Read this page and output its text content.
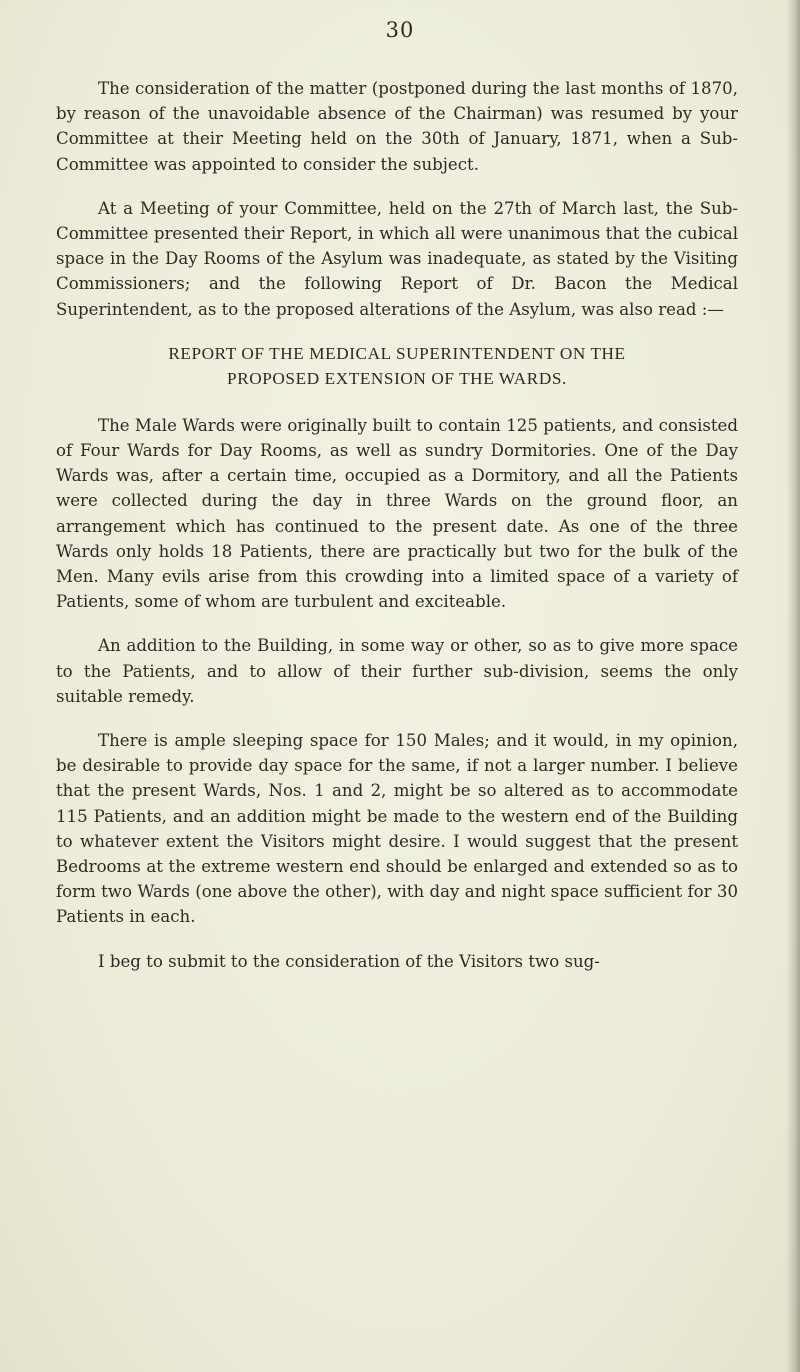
30

The consideration of the matter (postponed during the last months of 1870, by reason of the unavoidable absence of the Chairman) was resumed by your Committee at their Meeting held on the 30th of January, 1871, when a Sub-Committee was appointed to consider the subject.

At a Meeting of your Committee, held on the 27th of March last, the Sub-Committee presented their Report, in which all were unanimous that the cubical space in the Day Rooms of the Asylum was inadequate, as stated by the Visiting Commissioners; and the following Report of Dr. Bacon the Medical Superintendent, as to the proposed alterations of the Asylum, was also read :—

REPORT OF THE MEDICAL SUPERINTENDENT ON THE
PROPOSED EXTENSION OF THE WARDS.

The Male Wards were originally built to contain 125 patients, and consisted of Four Wards for Day Rooms, as well as sundry Dormitories. One of the Day Wards was, after a certain time, occupied as a Dormitory, and all the Patients were collected during the day in three Wards on the ground floor, an arrangement which has continued to the present date. As one of the three Wards only holds 18 Patients, there are practically but two for the bulk of the Men. Many evils arise from this crowding into a limited space of a variety of Patients, some of whom are turbulent and exciteable.

An addition to the Building, in some way or other, so as to give more space to the Patients, and to allow of their further sub-division, seems the only suitable remedy.

There is ample sleeping space for 150 Males; and it would, in my opinion, be desirable to provide day space for the same, if not a larger number. I believe that the present Wards, Nos. 1 and 2, might be so altered as to accommodate 115 Patients, and an addition might be made to the western end of the Building to whatever extent the Visitors might desire. I would suggest that the present Bedrooms at the extreme western end should be enlarged and extended so as to form two Wards (one above the other), with day and night space sufficient for 30 Patients in each.

I beg to submit to the consideration of the Visitors two sug-
